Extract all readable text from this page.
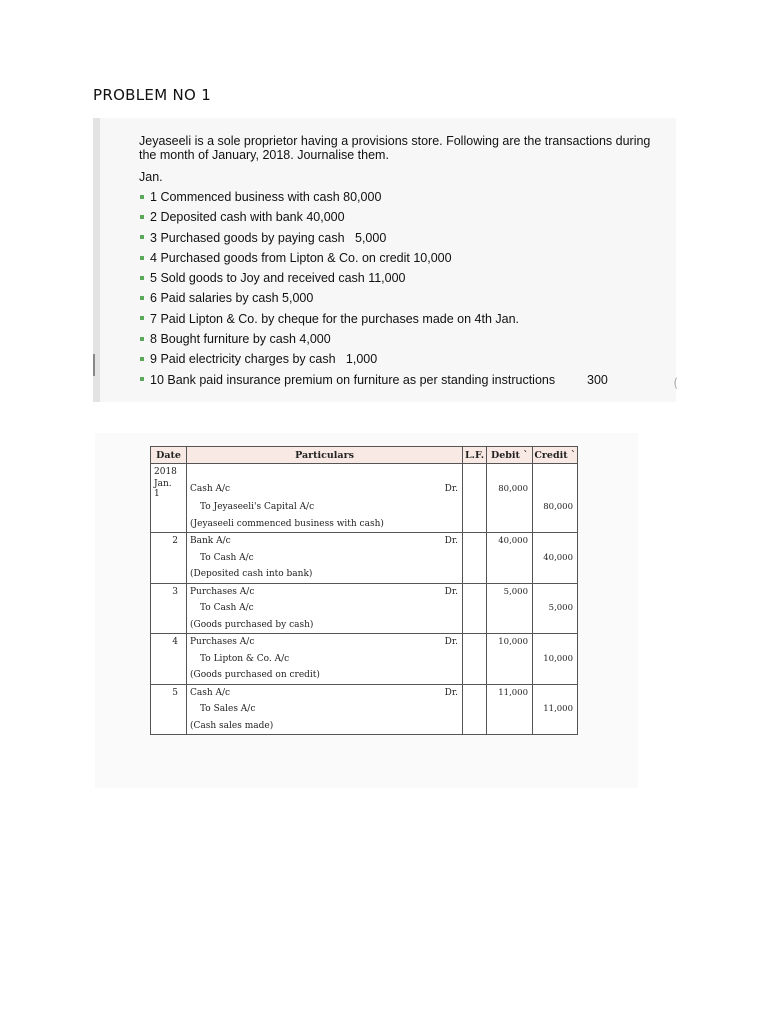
PROBLEM NO 1
(

Jeyaseeli is a sole proprietor having a provisions store. Following are the transactions during the month of January, 2018. Journalise them.

Jan.

1 Commenced business with cash 80,000
2 Deposited cash with bank 40,000
3 Purchased goods by paying cash   5,000
4 Purchased goods from Lipton & Co. on credit 10,000
5 Sold goods to Joy and received cash 11,000
6 Paid salaries by cash 5,000
7 Paid Lipton & Co. by cheque for the purchases made on 4th Jan.
8 Bought furniture by cash 4,000
9 Paid electricity charges by cash   1,000
10 Bank paid insurance premium on furniture as per standing instructions	300
Date	Particulars	L.F.	Debit `	Credit `
2018				
Jan. 1	Cash A/c Dr.		80,000	
	To Jeyaseeli's Capital A/c			80,000
	(Jeyaseeli commenced business with cash)			
2	Bank A/c Dr.		40,000	
	To Cash A/c			40,000
	(Deposited cash into bank)			
3	Purchases A/c Dr.		5,000	
	To Cash A/c			5,000
	(Goods purchased by cash)			
4	Purchases A/c Dr.		10,000	
	To Lipton & Co. A/c			10,000
	(Goods purchased on credit)			
5	Cash A/c Dr.		11,000	
	To Sales A/c			11,000
	(Cash sales made)			
